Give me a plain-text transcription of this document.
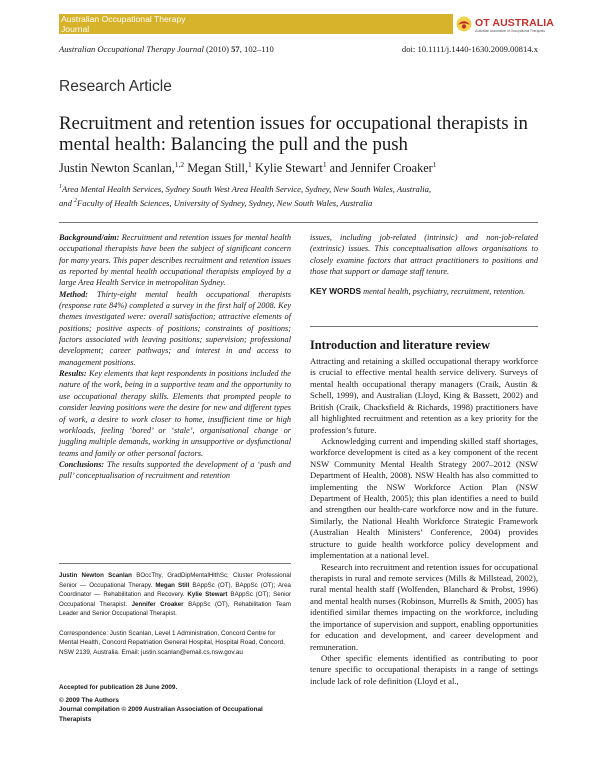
Australian Occupational Therapy
Journal	OT AUSTRALIA
Australian Association of Occupational Therapists
Australian Occupational Therapy Journal (2010) 57, 102–110	doi: 10.1111/j.1440-1630.2009.00814.x
Research Article
Recruitment and retention issues for occupational therapists in mental health: Balancing the pull and the push
Justin Newton Scanlan,$^{1,2}$ Megan Still,$^1$ Kylie Stewart$^1$ and Jennifer Croaker$^1$
$^1$Area Mental Health Services, Sydney South West Area Health Service, Sydney, New South Wales, Australia,
and $^2$Faculty of Health Sciences, University of Sydney, Sydney, New South Wales, Australia

Background/aim: Recruitment and retention issues for mental health occupational therapists have been the subject of significant concern for many years. This paper describes recruitment and retention issues as reported by mental health occupational therapists employed by a large Area Health Service in metropolitan Sydney.

Method: Thirty-eight mental health occupational therapists (response rate 84%) completed a survey in the first half of 2008. Key themes investigated were: overall satisfaction; attractive elements of positions; positive aspects of positions; constraints of positions; factors associated with leaving positions; supervision; professional development; career pathways; and interest in and access to management positions.

Results: Key elements that kept respondents in positions included the nature of the work, being in a supportive team and the opportunity to use occupational therapy skills. Elements that prompted people to consider leaving positions were the desire for new and different types of work, a desire to work closer to home, insufficient time or high workloads, feeling ‘bored’ or ‘stale’, organisational change or juggling multiple demands, working in unsupportive or dysfunctional teams and family or other personal factors.

Conclusions: The results supported the development of a ‘push and pull’ conceptualisation of recruitment and retention

issues, including job-related (intrinsic) and non-job-related (extrinsic) issues. This conceptualisation allows organisations to closely examine factors that attract practitioners to positions and those that support or damage staff tenure.

KEY WORDS mental health, psychiatry, recruitment, retention.

Justin Newton Scanlan BOccThy, GradDipMentalHlthSc; Cluster Professional Senior — Occupational Therapy. Megan Still BAppSc (OT), BAppSc (OT); Area Coordinator — Rehabilitation and Recovery. Kylie Stewart BAppSc (OT); Senior Occupational Therapist. Jennifer Croaker BAppSc (OT), Rehabilitation Team Leader and Senior Occupational Therapist.

Correspondence: Justin Scanlan, Level 1 Administration, Concord Centre for Mental Health, Concord Repatriation General Hospital, Hospital Road, Concord, NSW 2139, Australia. Email: justin.scanlan@email.cs.nsw.gov.au
Accepted for publication 28 June 2009.

© 2009 The Authors

Journal compilation © 2009 Australian Association of Occupational Therapists

Introduction and literature review

Attracting and retaining a skilled occupational therapy workforce is crucial to effective mental health service delivery. Surveys of mental health occupational therapy managers (Craik, Austin & Schell, 1999), and Australian (Lloyd, King & Bassett, 2002) and British (Craik, Chacksfield & Richards, 1998) practitioners have all highlighted recruitment and retention as a key priority for the profession’s future.

Acknowledging current and impending skilled staff shortages, workforce development is cited as a key component of the recent NSW Community Mental Health Strategy 2007–2012 (NSW Department of Health, 2008). NSW Health has also committed to implementing the NSW Workforce Action Plan (NSW Department of Health, 2005); this plan identifies a need to build and strengthen our health-care workforce now and in the future. Similarly, the National Health Workforce Strategic Framework (Australian Health Ministers’ Conference, 2004) provides structure to guide health workforce policy development and implementation at a national level.

Research into recruitment and retention issues for occupational therapists in rural and remote services (Mills & Millstead, 2002), rural mental health staff (Wolfenden, Blanchard & Probst, 1996) and mental health nurses (Robinson, Murrells & Smith, 2005) has identified similar themes impacting on the workforce, including the importance of supervision and support, enabling opportunities for education and development, and career development and remuneration.

Other specific elements identified as contributing to poor tenure specific to occupational therapists in a range of settings include lack of role definition (Lloyd et al.,
